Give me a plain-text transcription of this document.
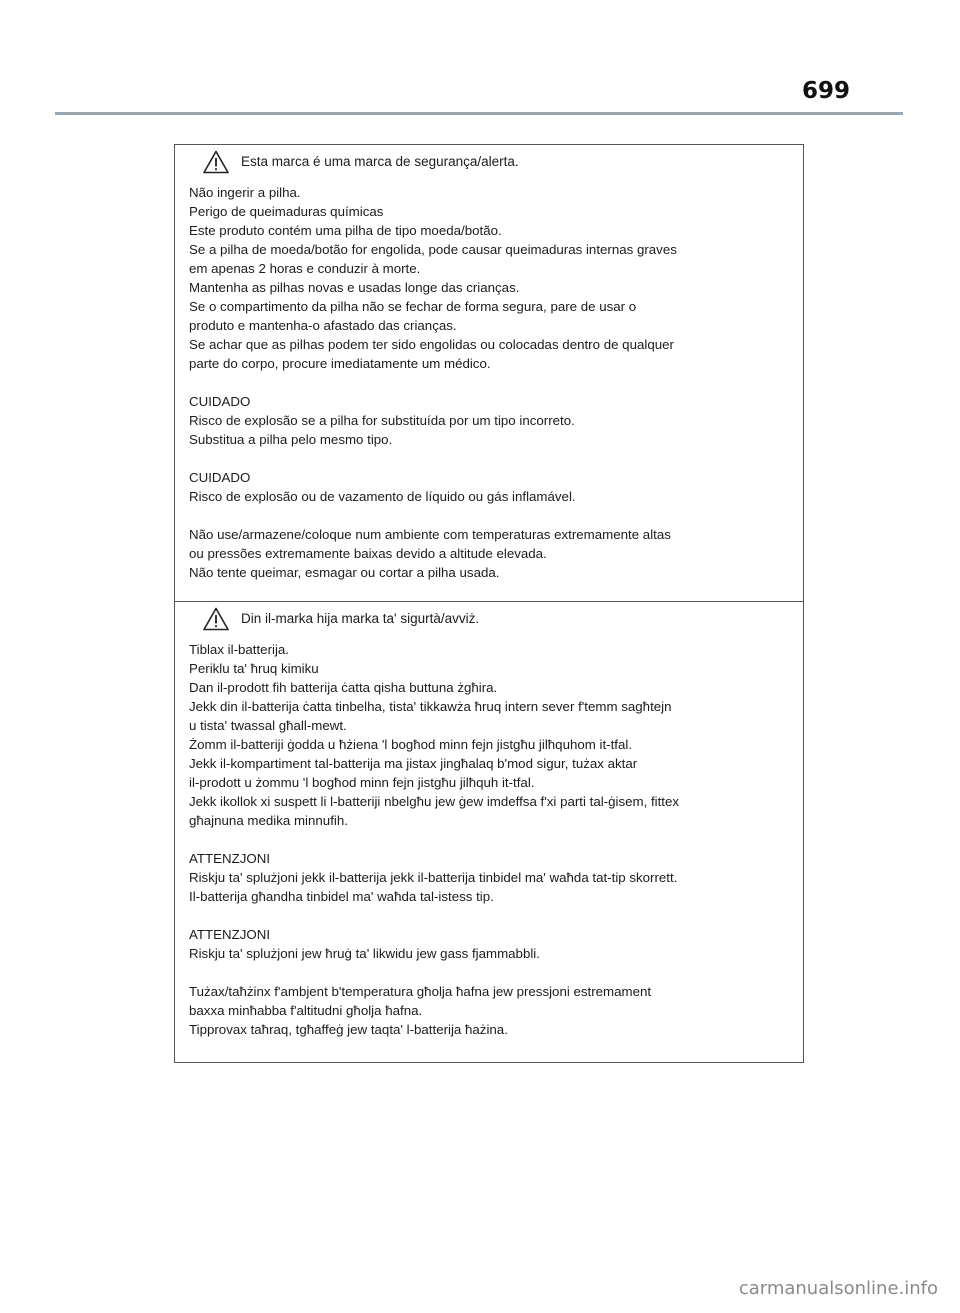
699
Esta marca é uma marca de segurança/alerta.

Não ingerir a pilha.
Perigo de queimaduras químicas
Este produto contém uma pilha de tipo moeda/botão.
Se a pilha de moeda/botão for engolida, pode causar queimaduras internas graves
em apenas 2 horas e conduzir à morte.
Mantenha as pilhas novas e usadas longe das crianças.
Se o compartimento da pilha não se fechar de forma segura, pare de usar o
produto e mantenha-o afastado das crianças.
Se achar que as pilhas podem ter sido engolidas ou colocadas dentro de qualquer
parte do corpo, procure imediatamente um médico.

CUIDADO
Risco de explosão se a pilha for substituída por um tipo incorreto.
Substitua a pilha pelo mesmo tipo.

CUIDADO
Risco de explosão ou de vazamento de líquido ou gás inflamável.

Não use/armazene/coloque num ambiente com temperaturas extremamente altas
ou pressões extremamente baixas devido a altitude elevada.
Não tente queimar, esmagar ou cortar a pilha usada.

Din il-marka hija marka ta' sigurtà/avviż.

Tiblax il-batterija.
Periklu ta' ħruq kimiku
Dan il-prodott fih batterija ċatta qisha buttuna żgħira.
Jekk din il-batterija ċatta tinbelha, tista' tikkawża ħruq intern sever f'temm sagħtejn
u tista' twassal għall-mewt.
Żomm il-batteriji ġodda u ħżiena 'l bogħod minn fejn jistgħu jilħquhom it-tfal.
Jekk il-kompartiment tal-batterija ma jistax jingħalaq b'mod sigur, tużax aktar
il-prodott u żommu 'l bogħod minn fejn jistgħu jilħquh it-tfal.
Jekk ikollok xi suspett li l-batteriji nbelgħu jew ġew imdeffsa f'xi parti tal-ġisem, fittex
għajnuna medika minnufih.

ATTENZJONI
Riskju ta' splużjoni jekk il-batterija jekk il-batterija tinbidel ma' waħda tat-tip skorrett.
Il-batterija għandha tinbidel ma' waħda tal-istess tip.

ATTENZJONI
Riskju ta' splużjoni jew ħruġ ta' likwidu jew gass fjammabbli.

Tużax/taħżinx f'ambjent b'temperatura għolja ħafna jew pressjoni estremament
baxxa minħabba f'altitudni għolja ħafna.
Tipprovax taħraq, tgħaffeġ jew taqta' l-batterija ħażina.

carmanualsonline.info
